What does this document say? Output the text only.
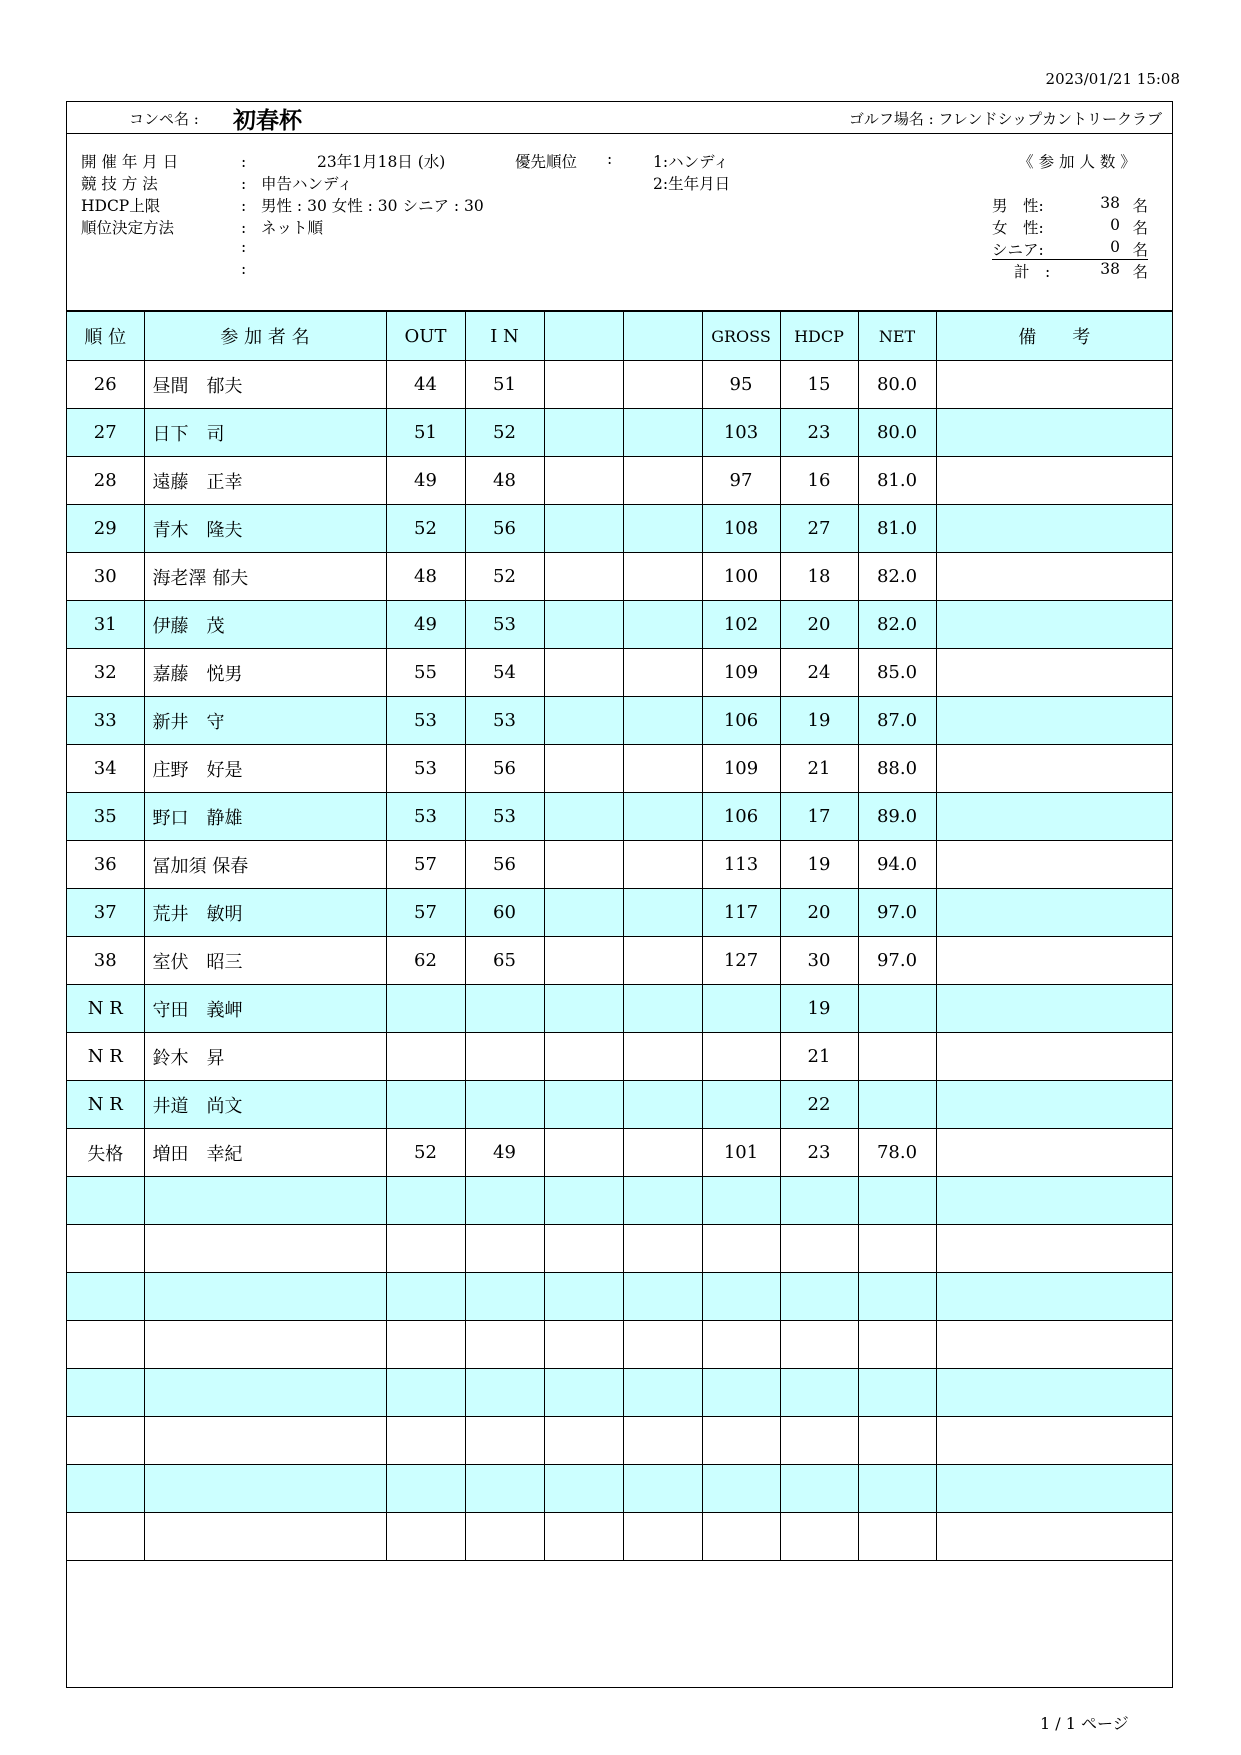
2023/01/21 15:08
コンペ名 : 初春杯	ゴルフ場名 : フレンドシップカントリークラブ
開 催 年 月 日	:	23年1月18日 (水)
競 技 方 法	: 申告ハンディ
HDCP上限	: 男性 : 30 女性 : 30 シニア : 30
順位決定方法	: ネット順
:
:
優先順位 :	1:ハンディ
2:生年月日
《 参 加 人 数 》
男　性:	38 名
女　性:	0 名
シニア:	0 名
計　:	38 名
順 位	参 加 者 名	OUT	I N			GROSS	HDCP	NET	備　　考
26	昼間　郁夫	44	51			95	15	80.0	
27	日下　司	51	52			103	23	80.0	
28	遠藤　正幸	49	48			97	16	81.0	
29	青木　隆夫	52	56			108	27	81.0	
30	海老澤 郁夫	48	52			100	18	82.0	
31	伊藤　茂	49	53			102	20	82.0	
32	嘉藤　悦男	55	54			109	24	85.0	
33	新井　守	53	53			106	19	87.0	
34	庄野　好是	53	56			109	21	88.0	
35	野口　静雄	53	53			106	17	89.0	
36	冨加須 保春	57	56			113	19	94.0	
37	荒井　敏明	57	60			117	20	97.0	
38	室伏　昭三	62	65			127	30	97.0	
N R	守田　義岬						19		
N R	鈴木　昇						21		
N R	井道　尚文						22		
失格	増田　幸紀	52	49			101	23	78.0	

1 / 1 ページ
